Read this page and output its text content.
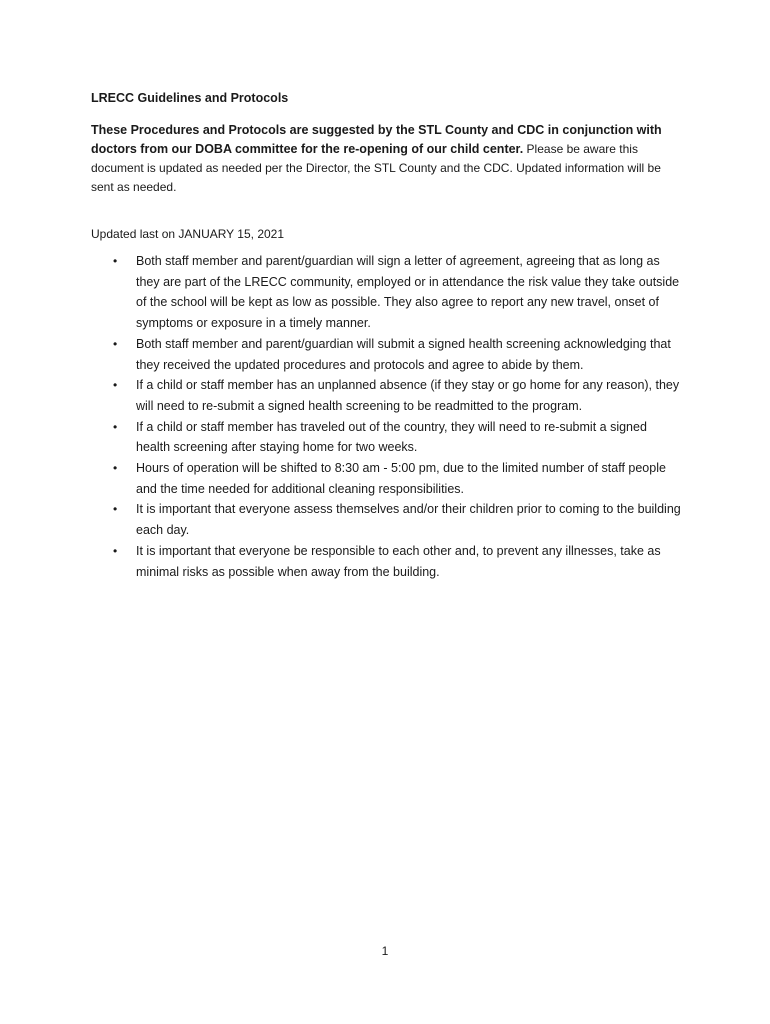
LRECC Guidelines and Protocols

These Procedures and Protocols are suggested by the STL County and CDC in conjunction with doctors from our DOBA committee for the re-opening of our child center. Please be aware this document is updated as needed per the Director, the STL County and the CDC. Updated information will be sent as needed.

Updated last on JANUARY 15, 2021
• Both staff member and parent/guardian will sign a letter of agreement, agreeing that as long as they are part of the LRECC community, employed or in attendance the risk value they take outside of the school will be kept as low as possible. They also agree to report any new travel, onset of symptoms or exposure in a timely manner.
• Both staff member and parent/guardian will submit a signed health screening acknowledging that they received the updated procedures and protocols and agree to abide by them.
• If a child or staff member has an unplanned absence (if they stay or go home for any reason), they will need to re-submit a signed health screening to be readmitted to the program.
• If a child or staff member has traveled out of the country, they will need to re-submit a signed health screening after staying home for two weeks.
• Hours of operation will be shifted to 8:30 am - 5:00 pm, due to the limited number of staff people and the time needed for additional cleaning responsibilities.
• It is important that everyone assess themselves and/or their children prior to coming to the building each day.
• It is important that everyone be responsible to each other and, to prevent any illnesses, take as minimal risks as possible when away from the building.
1
